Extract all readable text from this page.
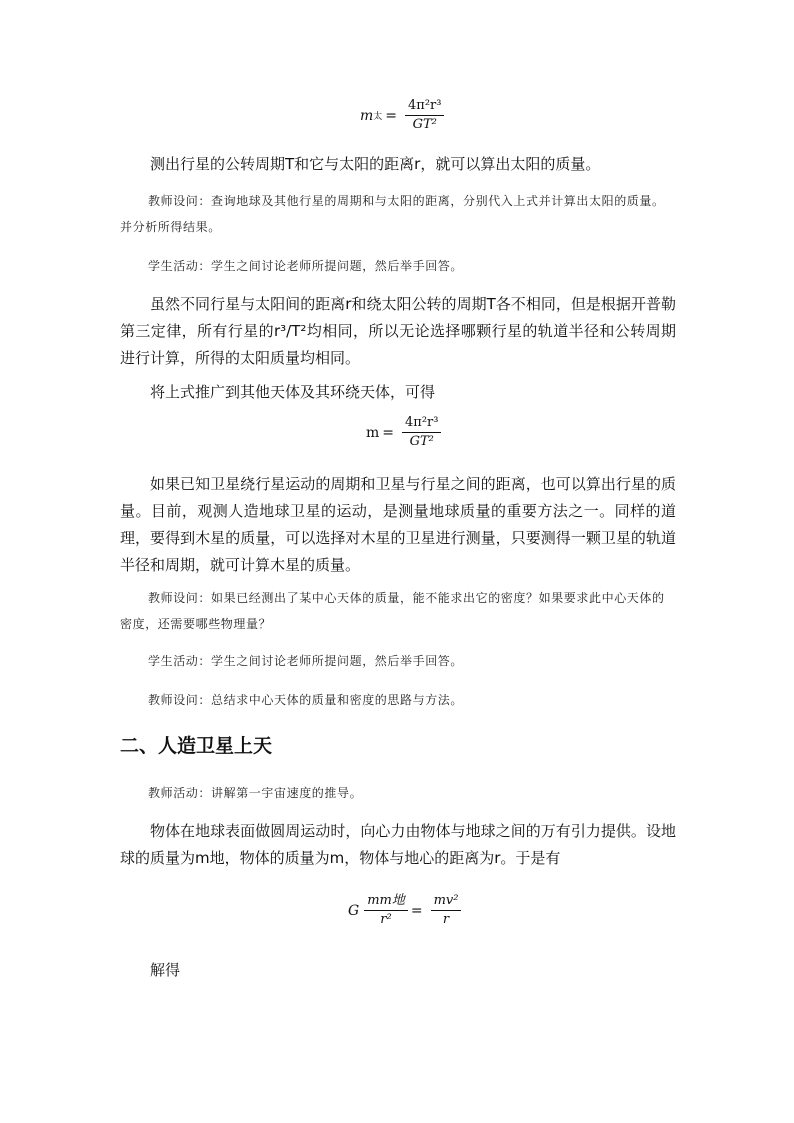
m 太 = $\frac{\text{4π²r³}}{\text{GT²}}$

测出行星的公转周期T和它与太阳的距离r，就可以算出太阳的质量。

教师设问：查询地球及其他行星的周期和与太阳的距离，分别代入上式并计算出太阳的质量。并分析所得结果。

学生活动：学生之间讨论老师所提问题，然后举手回答。

虽然不同行星与太阳间的距离r和绕太阳公转的周期T各不相同，但是根据开普勒第三定律，所有行星的r³/T²均相同，所以无论选择哪颗行星的轨道半径和公转周期进行计算，所得的太阳质量均相同。

将上式推广到其他天体及其环绕天体，可得

$m = \frac{\text{4π²r³}}{\text{GT²}}$

如果已知卫星绕行星运动的周期和卫星与行星之间的距离，也可以算出行星的质量。目前，观测人造地球卫星的运动，是测量地球质量的重要方法之一。同样的道理，要得到木星的质量，可以选择对木星的卫星进行测量，只要测得一颗卫星的轨道半径和周期，就可计算木星的质量。

教师设问：如果已经测出了某中心天体的质量，能不能求出它的密度？如果要求此中心天体的密度，还需要哪些物理量？

学生活动：学生之间讨论老师所提问题，然后举手回答。

教师设问：总结求中心天体的质量和密度的思路与方法。

二、人造卫星上天

教师活动：讲解第一宇宙速度的推导。

物体在地球表面做圆周运动时，向心力由物体与地球之间的万有引力提供。设地球的质量为m地，物体的质量为m，物体与地心的距离为r。于是有

G $\frac{\text{mm地}}{\text{r²}} = \frac{\text{mv²}}{r}$

解得
